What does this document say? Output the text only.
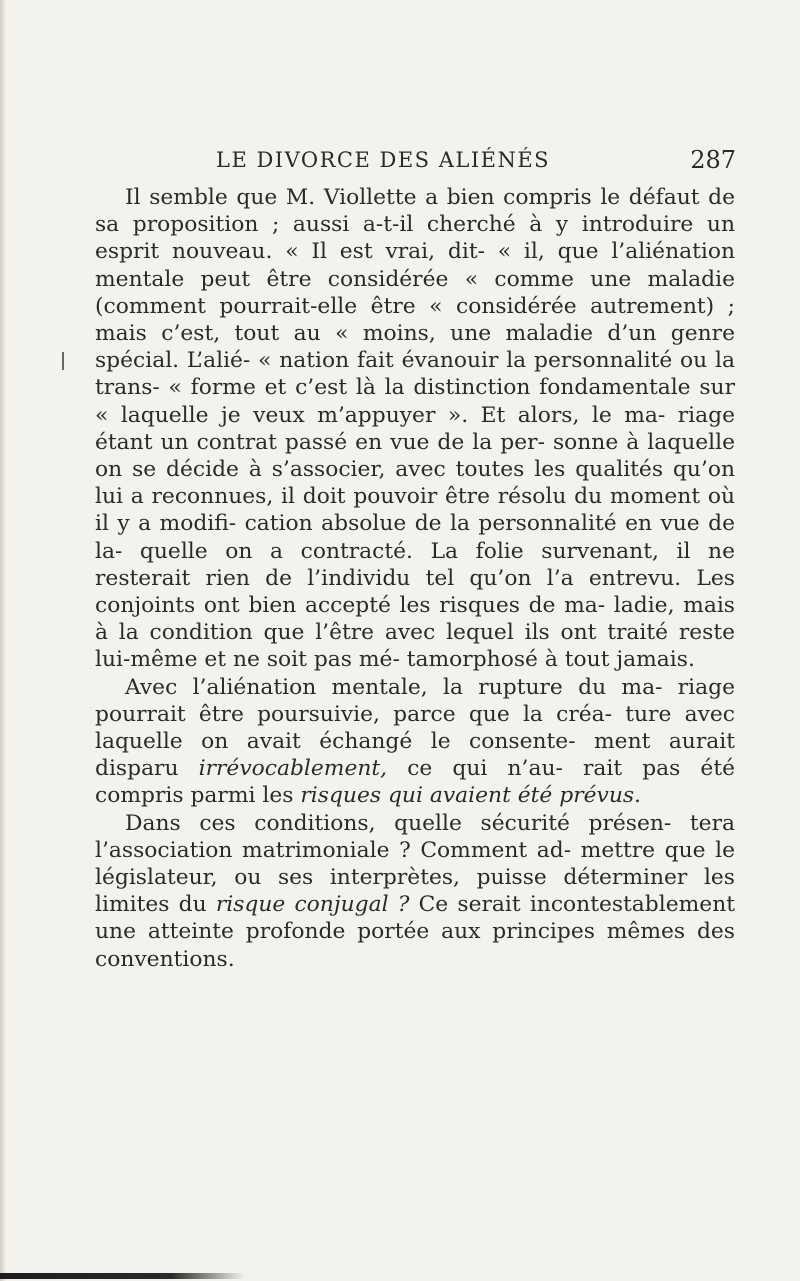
LE DIVORCE DES ALIÉNÉS	287

Il semble que M. Viollette a bien compris le défaut de sa proposition ; aussi a-t-il cherché à y introduire un esprit nouveau. « Il est vrai, dit- « il, que l’aliénation mentale peut être considérée « comme une maladie (comment pourrait-elle être « considérée autrement) ; mais c’est, tout au « moins, une maladie d’un genre spécial. L’alié- « nation fait évanouir la personnalité ou la trans- « forme et c’est là la distinction fondamentale sur « laquelle je veux m’appuyer ». Et alors, le ma- riage étant un contrat passé en vue de la per- sonne à laquelle on se décide à s’associer, avec toutes les qualités qu’on lui a reconnues, il doit pouvoir être résolu du moment où il y a modifi- cation absolue de la personnalité en vue de la- quelle on a contracté. La folie survenant, il ne resterait rien de l’individu tel qu’on l’a entrevu. Les conjoints ont bien accepté les risques de ma- ladie, mais à la condition que l’être avec lequel ils ont traité reste lui-même et ne soit pas mé- tamorphosé à tout jamais.

Avec l’aliénation mentale, la rupture du ma- riage pourrait être poursuivie, parce que la créa- ture avec laquelle on avait échangé le consente- ment aurait disparu irrévocablement, ce qui n’au- rait pas été compris parmi les risques qui avaient été prévus.

Dans ces conditions, quelle sécurité présen- tera l’association matrimoniale ? Comment ad- mettre que le législateur, ou ses interprètes, puisse déterminer les limites du risque conjugal ? Ce serait incontestablement une atteinte profonde portée aux principes mêmes des conventions.
